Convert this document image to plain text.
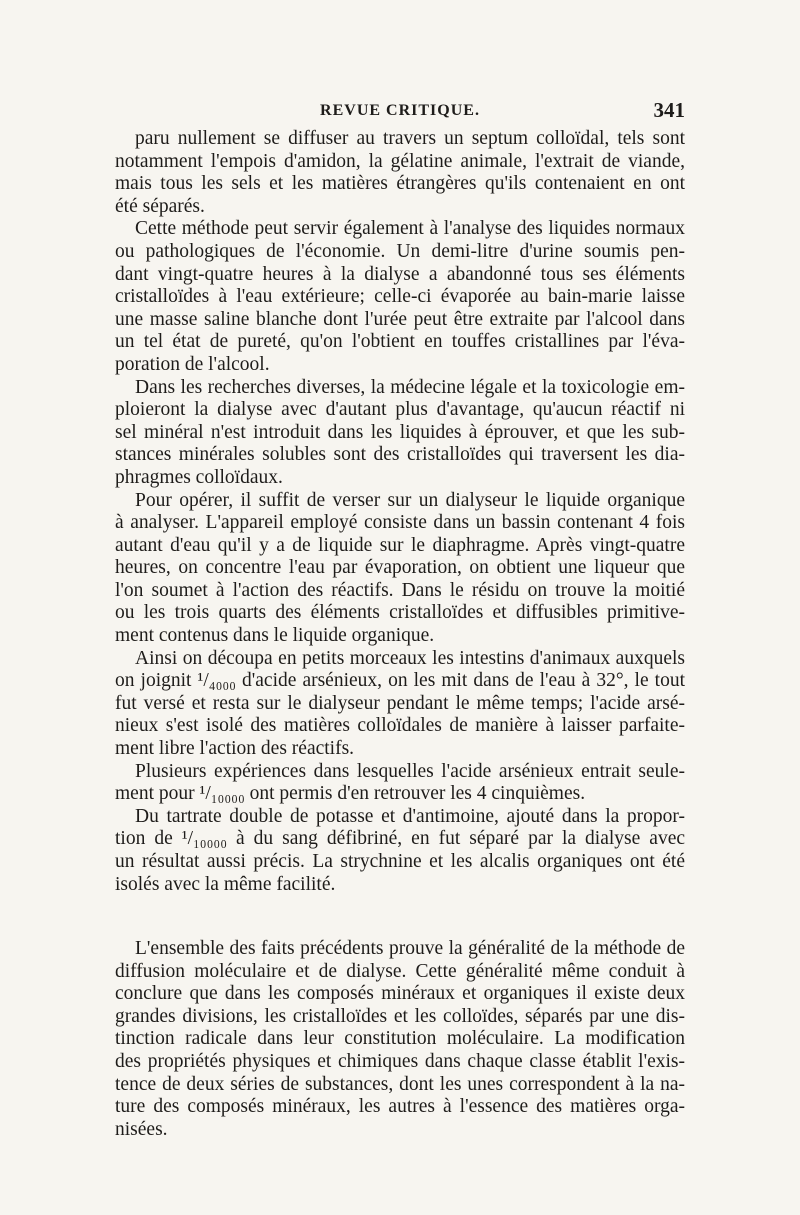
REVUE CRITIQUE.	341
paru nullement se diffuser au travers un septum colloïdal, tels sont
notamment l'empois d'amidon, la gélatine animale, l'extrait de viande,
mais tous les sels et les matières étrangères qu'ils contenaient en ont
été séparés.
Cette méthode peut servir également à l'analyse des liquides normaux
ou pathologiques de l'économie. Un demi-litre d'urine soumis pen-
dant vingt-quatre heures à la dialyse a abandonné tous ses éléments
cristalloïdes à l'eau extérieure; celle-ci évaporée au bain-marie laisse
une masse saline blanche dont l'urée peut être extraite par l'alcool dans
un tel état de pureté, qu'on l'obtient en touffes cristallines par l'éva-
poration de l'alcool.
Dans les recherches diverses, la médecine légale et la toxicologie em-
ploieront la dialyse avec d'autant plus d'avantage, qu'aucun réactif ni
sel minéral n'est introduit dans les liquides à éprouver, et que les sub-
stances minérales solubles sont des cristalloïdes qui traversent les dia-
phragmes colloïdaux.
Pour opérer, il suffit de verser sur un dialyseur le liquide organique
à analyser. L'appareil employé consiste dans un bassin contenant 4 fois
autant d'eau qu'il y a de liquide sur le diaphragme. Après vingt-quatre
heures, on concentre l'eau par évaporation, on obtient une liqueur que
l'on soumet à l'action des réactifs. Dans le résidu on trouve la moitié
ou les trois quarts des éléments cristalloïdes et diffusibles primitive-
ment contenus dans le liquide organique.
Ainsi on découpa en petits morceaux les intestins d'animaux auxquels
on joignit ¹/₄₀₀₀ d'acide arsénieux, on les mit dans de l'eau à 32°, le tout
fut versé et resta sur le dialyseur pendant le même temps; l'acide arsé-
nieux s'est isolé des matières colloïdales de manière à laisser parfaite-
ment libre l'action des réactifs.
Plusieurs expériences dans lesquelles l'acide arsénieux entrait seule-
ment pour ¹/₁₀₀₀₀ ont permis d'en retrouver les 4 cinquièmes.
Du tartrate double de potasse et d'antimoine, ajouté dans la propor-
tion de ¹/₁₀₀₀₀ à du sang défibriné, en fut séparé par la dialyse avec
un résultat aussi précis. La strychnine et les alcalis organiques ont été
isolés avec la même facilité.
L'ensemble des faits précédents prouve la généralité de la méthode de
diffusion moléculaire et de dialyse. Cette généralité même conduit à
conclure que dans les composés minéraux et organiques il existe deux
grandes divisions, les cristalloïdes et les colloïdes, séparés par une dis-
tinction radicale dans leur constitution moléculaire. La modification
des propriétés physiques et chimiques dans chaque classe établit l'exis-
tence de deux séries de substances, dont les unes correspondent à la na-
ture des composés minéraux, les autres à l'essence des matières orga-
nisées.
